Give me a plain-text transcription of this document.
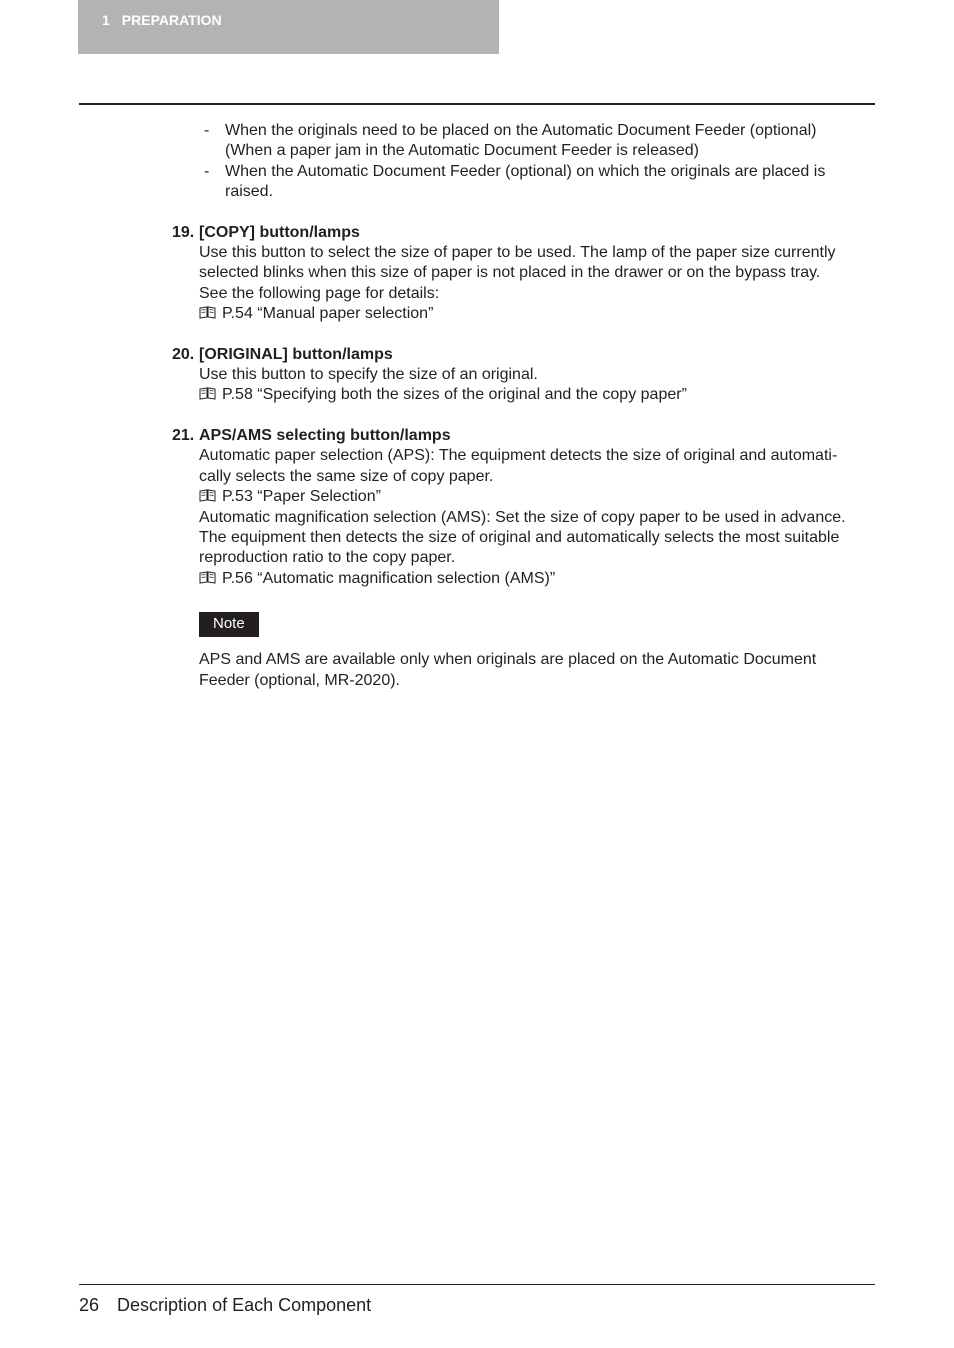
1 PREPARATION
- When the originals need to be placed on the Automatic Document Feeder (optional)
(When a paper jam in the Automatic Document Feeder is released)
- When the Automatic Document Feeder (optional) on which the originals are placed is
raised.
19. [COPY] button/lamps
Use this button to select the size of paper to be used. The lamp of the paper size currently
selected blinks when this size of paper is not placed in the drawer or on the bypass tray.
See the following page for details:
P.54 “Manual paper selection”
20. [ORIGINAL] button/lamps
Use this button to specify the size of an original.
P.58 “Specifying both the sizes of the original and the copy paper”
21. APS/AMS selecting button/lamps
Automatic paper selection (APS): The equipment detects the size of original and automati-
cally selects the same size of copy paper.
P.53 “Paper Selection”
Automatic magnification selection (AMS): Set the size of copy paper to be used in advance.
The equipment then detects the size of original and automatically selects the most suitable
reproduction ratio to the copy paper.
P.56 “Automatic magnification selection (AMS)”
Note
APS and AMS are available only when originals are placed on the Automatic Document
Feeder (optional, MR-2020).
26 Description of Each Component
